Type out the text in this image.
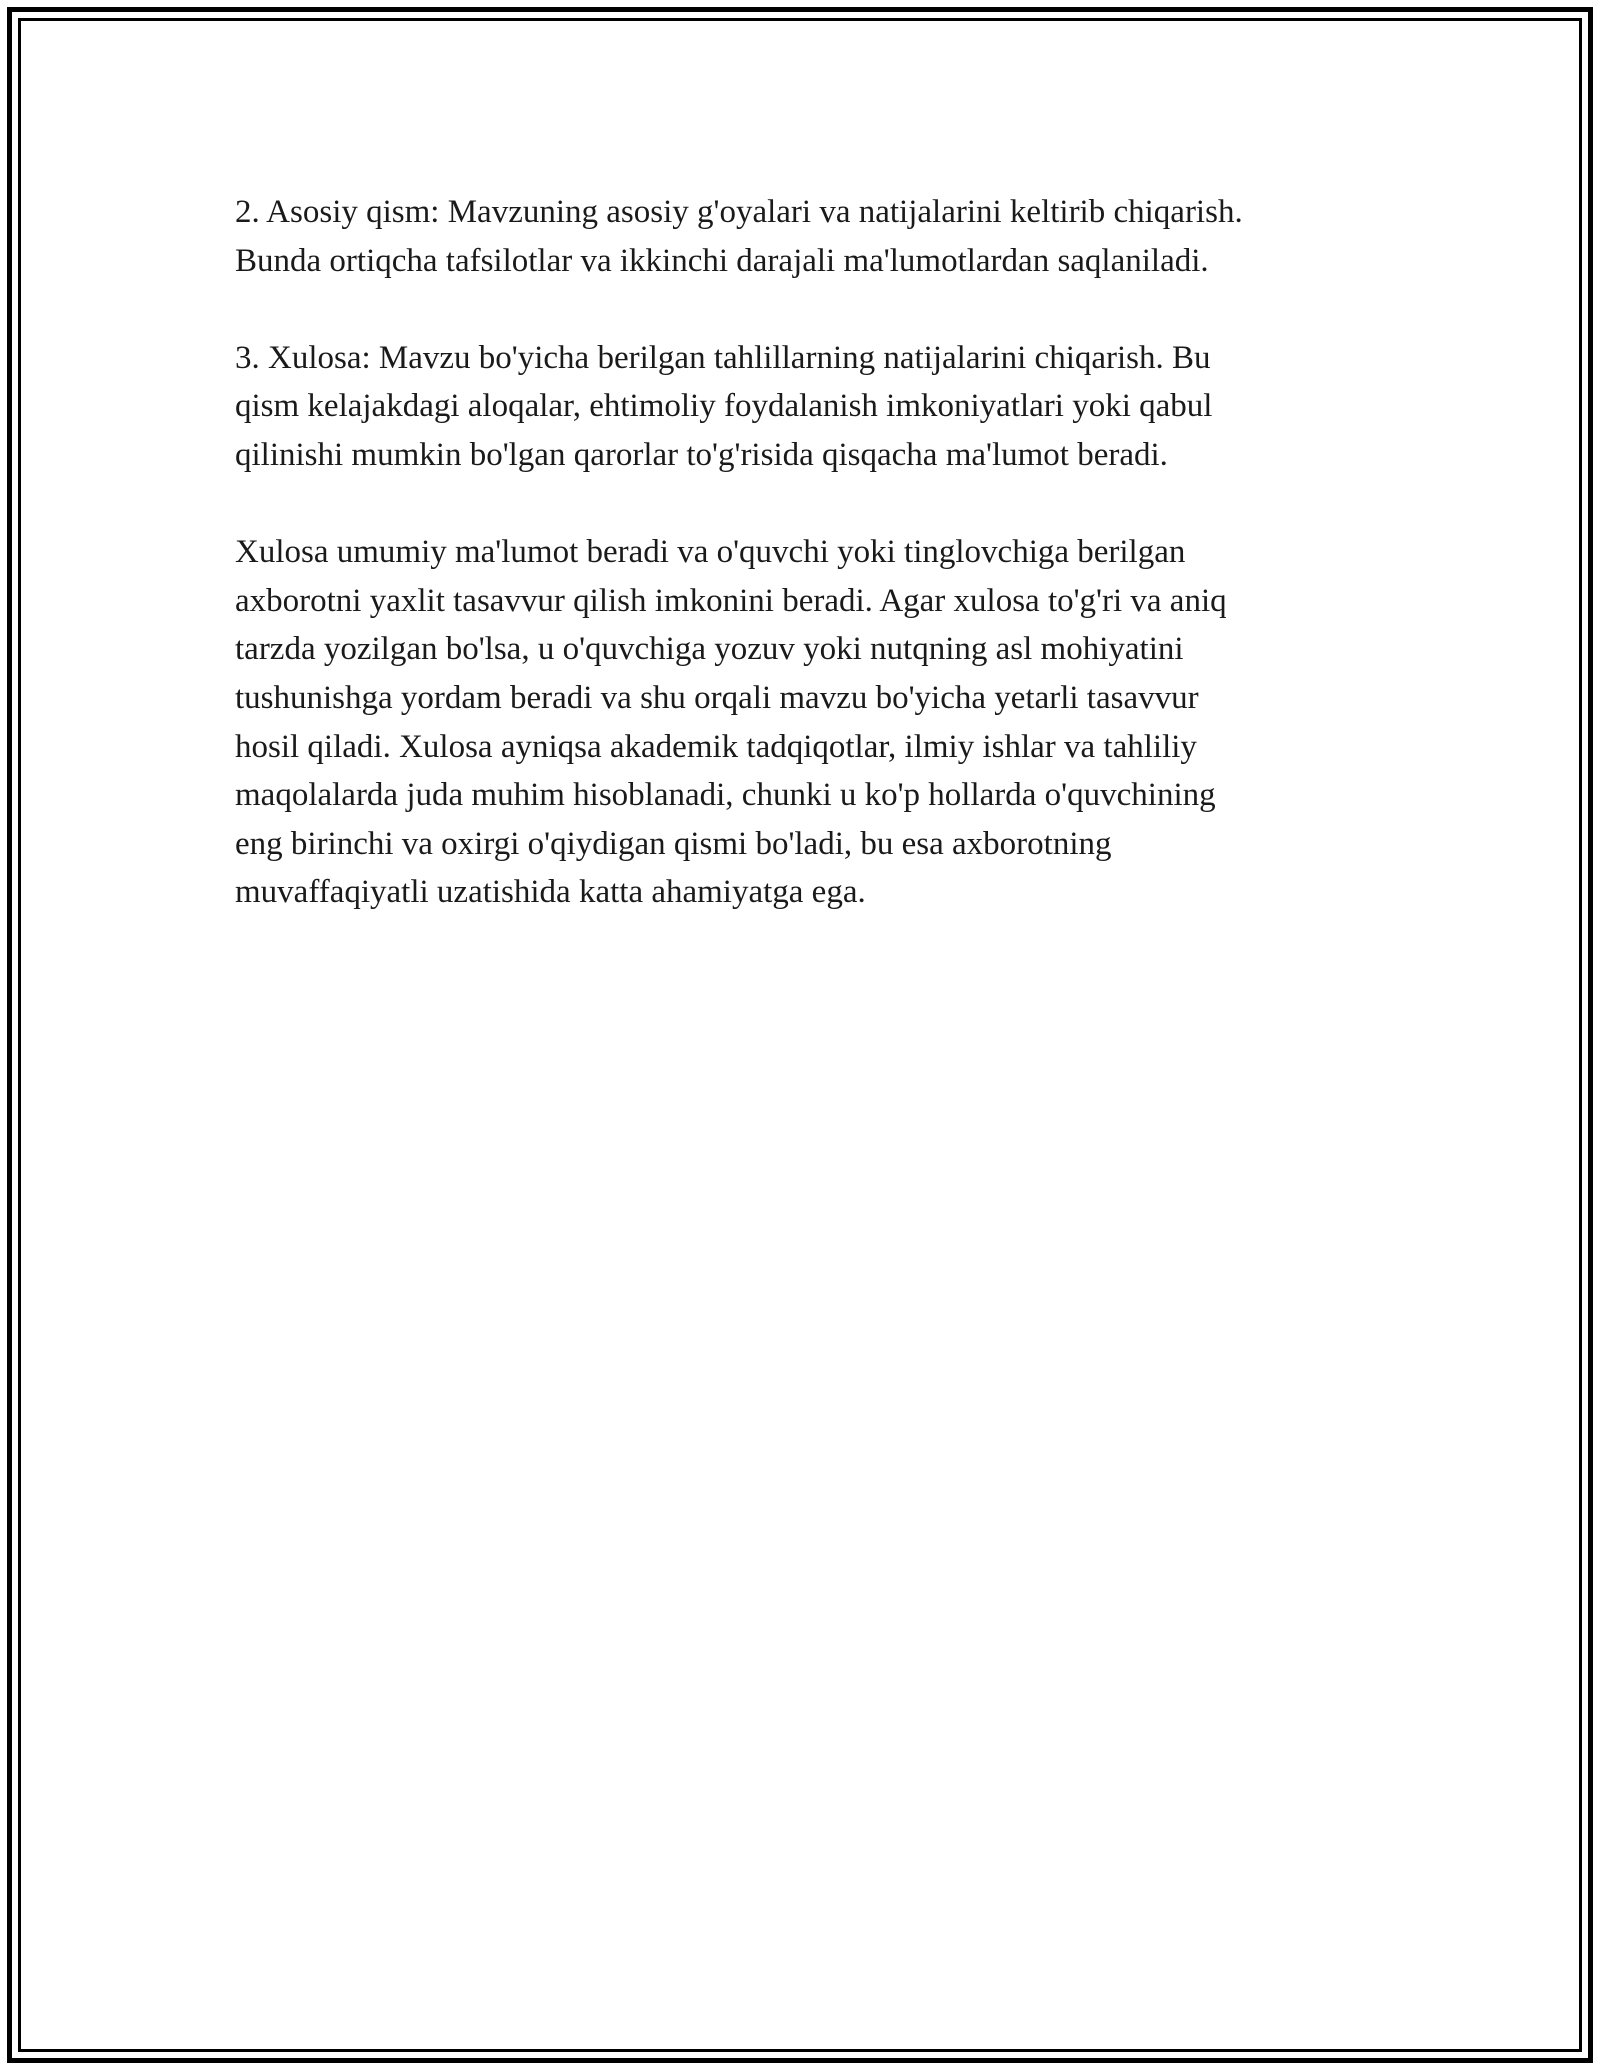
2. Asosiy qism: Mavzuning asosiy g'oyalari va natijalarini keltirib chiqarish.
Bunda ortiqcha tafsilotlar va ikkinchi darajali ma'lumotlardan saqlaniladi.

3. Xulosa: Mavzu bo'yicha berilgan tahlillarning natijalarini chiqarish. Bu
qism kelajakdagi aloqalar, ehtimoliy foydalanish imkoniyatlari yoki qabul
qilinishi mumkin bo'lgan qarorlar to'g'risida qisqacha ma'lumot beradi.

Xulosa umumiy ma'lumot beradi va o'quvchi yoki tinglovchiga berilgan
axborotni yaxlit tasavvur qilish imkonini beradi. Agar xulosa to'g'ri va aniq
tarzda yozilgan bo'lsa, u o'quvchiga yozuv yoki nutqning asl mohiyatini
tushunishga yordam beradi va shu orqali mavzu bo'yicha yetarli tasavvur
hosil qiladi. Xulosa ayniqsa akademik tadqiqotlar, ilmiy ishlar va tahliliy
maqolalarda juda muhim hisoblanadi, chunki u ko'p hollarda o'quvchining
eng birinchi va oxirgi o'qiydigan qismi bo'ladi, bu esa axborotning
muvaffaqiyatli uzatishida katta ahamiyatga ega.
